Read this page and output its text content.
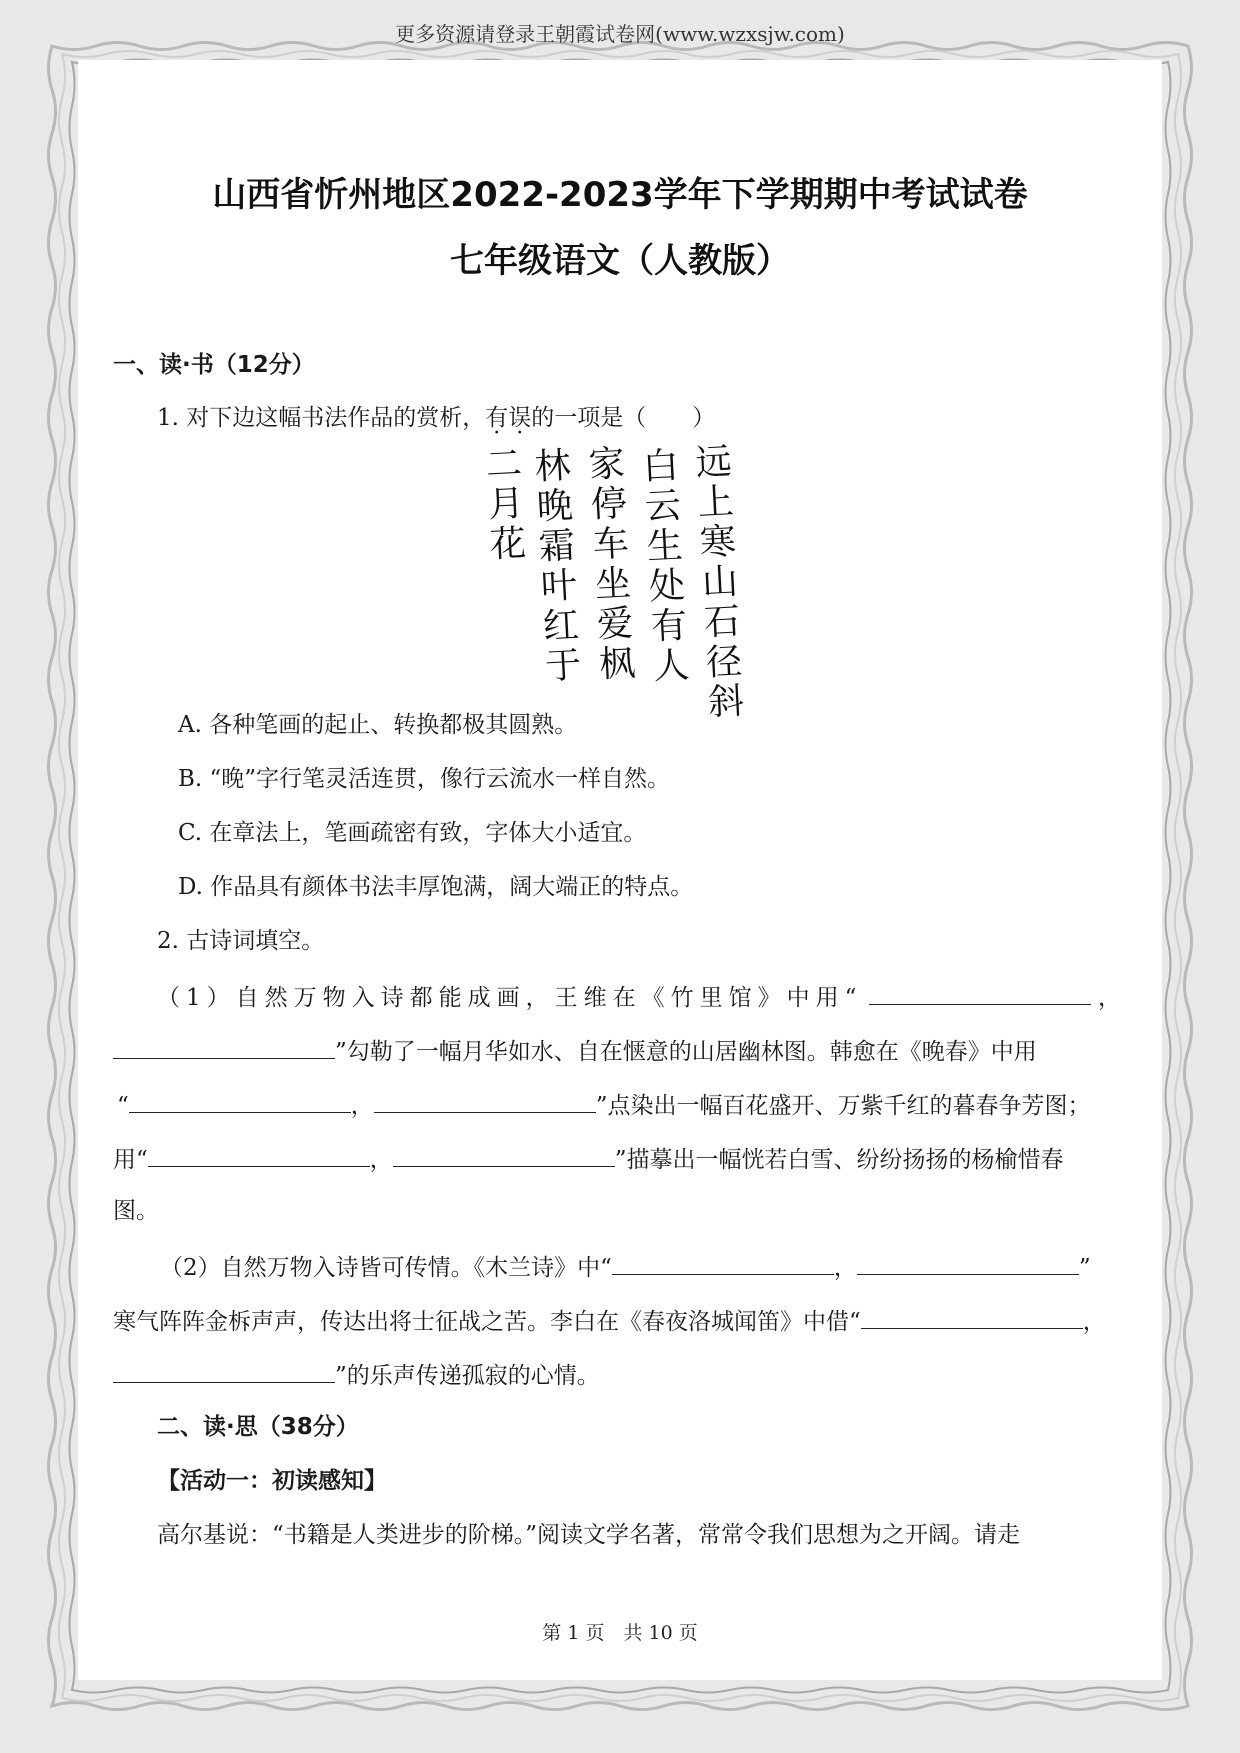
更多资源请登录王朝霞试卷网(www.wzxsjw.com)
山西省忻州地区2022-2023学年下学期期中考试试卷
七年级语文（人教版）
一、读·书（12分）
1. 对下边这幅书法作品的赏析，有误的一项是（　　）
远
上
寒
山
石
径
斜
白
云
生
处
有
人
家
停
车
坐
爱
枫
林
晚
霜
叶
红
于
二
月
花
A. 各种笔画的起止、转换都极其圆熟。
B. “晚”字行笔灵活连贯，像行云流水一样自然。
C. 在章法上，笔画疏密有致，字体大小适宜。
D. 作品具有颜体书法丰厚饱满，阔大端正的特点。
2. 古诗词填空。
（1）自然万物入诗都能成画，王维在《竹里馆》中用“	，
”勾勒了一幅月华如水、自在惬意的山居幽林图。韩愈在《晚春》中用
“	，	”点染出一幅百花盛开、万紫千红的暮春争芳图；
用“	，	”描摹出一幅恍若白雪、纷纷扬扬的杨榆惜春
图。
（2）自然万物入诗皆可传情。《木兰诗》中“	，	”
寒气阵阵金柝声声，传达出将士征战之苦。李白在《春夜洛城闻笛》中借“	，
”的乐声传递孤寂的心情。
二、读·思（38分）
【活动一：初读感知】
高尔基说：“书籍是人类进步的阶梯。”阅读文学名著，常常令我们思想为之开阔。请走
第 1 页　共 10 页
